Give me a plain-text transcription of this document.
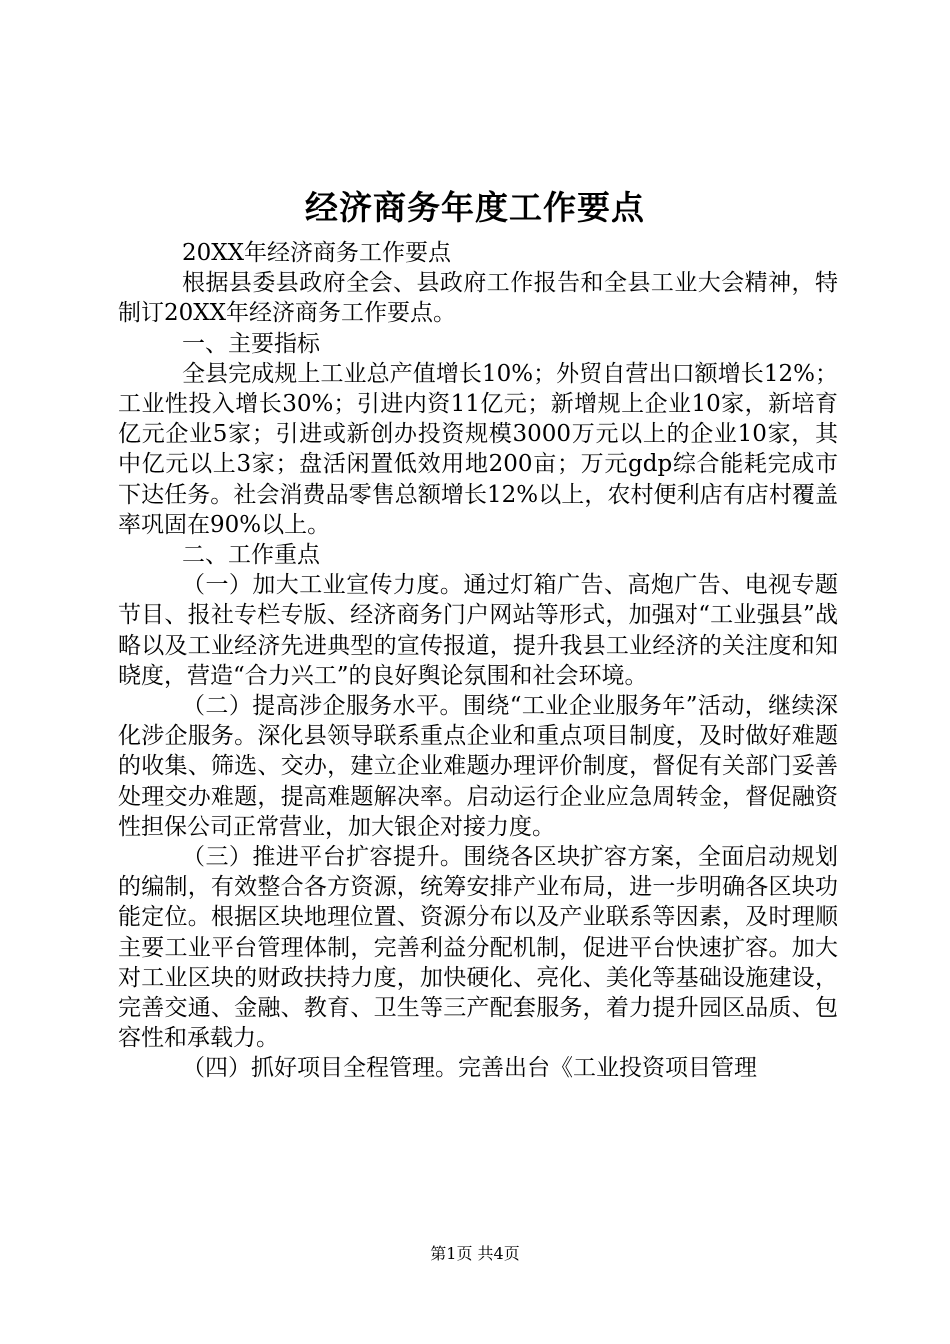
经济商务年度工作要点

20XX年经济商务工作要点

根据县委县政府全会、县政府工作报告和全县工业大会精神，特制订20XX年经济商务工作要点。

一、主要指标

全县完成规上工业总产值增长10%；外贸自营出口额增长12%；工业性投入增长30%；引进内资11亿元；新增规上企业10家，新培育亿元企业5家；引进或新创办投资规模3000万元以上的企业10家，其中亿元以上3家；盘活闲置低效用地200亩；万元gdp综合能耗完成市下达任务。社会消费品零售总额增长12%以上，农村便利店有店村覆盖率巩固在90%以上。

二、工作重点

（一）加大工业宣传力度。通过灯箱广告、高炮广告、电视专题节目、报社专栏专版、经济商务门户网站等形式，加强对“工业强县”战略以及工业经济先进典型的宣传报道，提升我县工业经济的关注度和知晓度，营造“合力兴工”的良好舆论氛围和社会环境。

（二）提高涉企服务水平。围绕“工业企业服务年”活动，继续深化涉企服务。深化县领导联系重点企业和重点项目制度，及时做好难题的收集、筛选、交办，建立企业难题办理评价制度，督促有关部门妥善处理交办难题，提高难题解决率。启动运行企业应急周转金，督促融资性担保公司正常营业，加大银企对接力度。

（三）推进平台扩容提升。围绕各区块扩容方案，全面启动规划的编制，有效整合各方资源，统筹安排产业布局，进一步明确各区块功能定位。根据区块地理位置、资源分布以及产业联系等因素，及时理顺主要工业平台管理体制，完善利益分配机制，促进平台快速扩容。加大对工业区块的财政扶持力度，加快硬化、亮化、美化等基础设施建设，完善交通、金融、教育、卫生等三产配套服务，着力提升园区品质、包容性和承载力。

（四）抓好项目全程管理。完善出台《工业投资项目管理

第1页 共4页
